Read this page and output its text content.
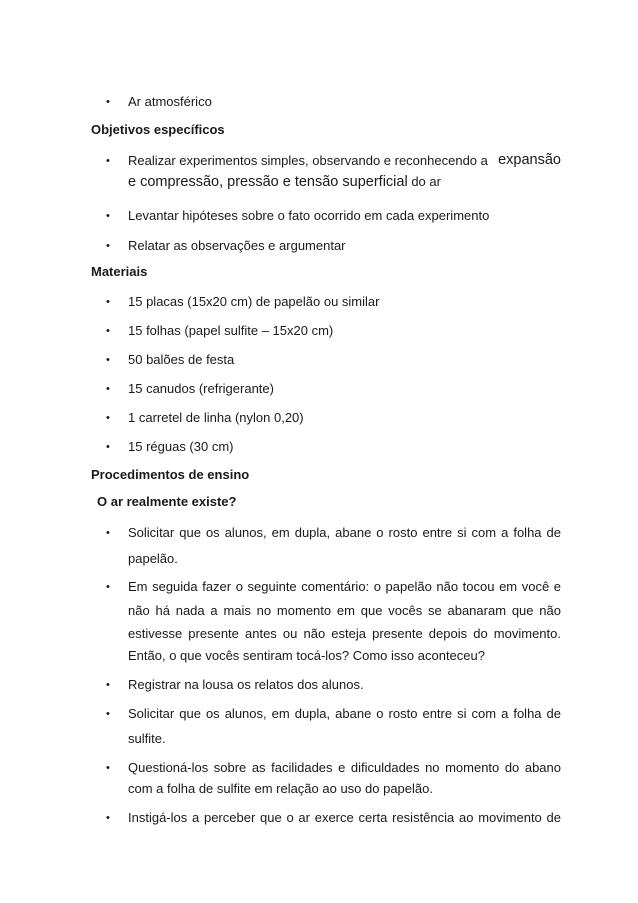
• Ar atmosférico
Objetivos específicos
• Realizar experimentos simples, observando e reconhecendo a expansão
e compressão, pressão e tensão superficial do ar
• Levantar hipóteses sobre o fato ocorrido em cada experimento
• Relatar as observações e argumentar
Materiais
• 15 placas (15x20 cm) de papelão ou similar
• 15 folhas (papel sulfite – 15x20 cm)
• 50 balões de festa
• 15 canudos (refrigerante)
• 1 carretel de linha (nylon 0,20)
• 15 réguas (30 cm)
Procedimentos de ensino
O ar realmente existe?
• Solicitar que os alunos, em dupla, abane o rosto entre si com a folha de
papelão.
• Em seguida fazer o seguinte comentário: o papelão não tocou em você e
não há nada a mais no momento em que vocês se abanaram que não
estivesse presente antes ou não esteja presente depois do movimento.
Então, o que vocês sentiram tocá-los? Como isso aconteceu?
• Registrar na lousa os relatos dos alunos.
• Solicitar que os alunos, em dupla, abane o rosto entre si com a folha de
sulfite.
• Questioná-los sobre as facilidades e dificuldades no momento do abano
com a folha de sulfite em relação ao uso do papelão.
• Instigá-los a perceber que o ar exerce certa resistência ao movimento de
